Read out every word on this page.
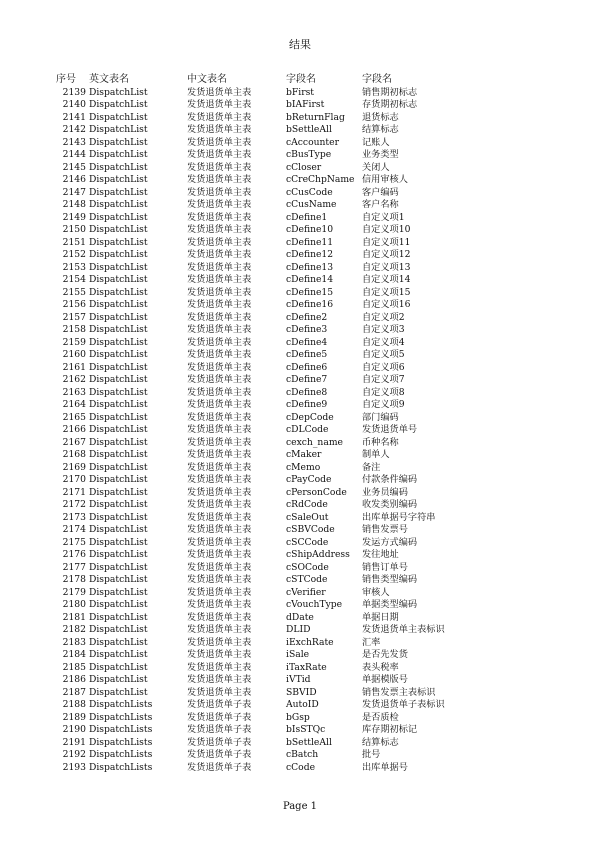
结果
序号	英文表名	中文表名	字段名	字段名
2139	DispatchList	发货退货单主表	bFirst	销售期初标志
2140	DispatchList	发货退货单主表	bIAFirst	存货期初标志
2141	DispatchList	发货退货单主表	bReturnFlag	退货标志
2142	DispatchList	发货退货单主表	bSettleAll	结算标志
2143	DispatchList	发货退货单主表	cAccounter	记账人
2144	DispatchList	发货退货单主表	cBusType	业务类型
2145	DispatchList	发货退货单主表	cCloser	关闭人
2146	DispatchList	发货退货单主表	cCreChpName	信用审核人
2147	DispatchList	发货退货单主表	cCusCode	客户编码
2148	DispatchList	发货退货单主表	cCusName	客户名称
2149	DispatchList	发货退货单主表	cDefine1	自定义项1
2150	DispatchList	发货退货单主表	cDefine10	自定义项10
2151	DispatchList	发货退货单主表	cDefine11	自定义项11
2152	DispatchList	发货退货单主表	cDefine12	自定义项12
2153	DispatchList	发货退货单主表	cDefine13	自定义项13
2154	DispatchList	发货退货单主表	cDefine14	自定义项14
2155	DispatchList	发货退货单主表	cDefine15	自定义项15
2156	DispatchList	发货退货单主表	cDefine16	自定义项16
2157	DispatchList	发货退货单主表	cDefine2	自定义项2
2158	DispatchList	发货退货单主表	cDefine3	自定义项3
2159	DispatchList	发货退货单主表	cDefine4	自定义项4
2160	DispatchList	发货退货单主表	cDefine5	自定义项5
2161	DispatchList	发货退货单主表	cDefine6	自定义项6
2162	DispatchList	发货退货单主表	cDefine7	自定义项7
2163	DispatchList	发货退货单主表	cDefine8	自定义项8
2164	DispatchList	发货退货单主表	cDefine9	自定义项9
2165	DispatchList	发货退货单主表	cDepCode	部门编码
2166	DispatchList	发货退货单主表	cDLCode	发货退货单号
2167	DispatchList	发货退货单主表	cexch_name	币种名称
2168	DispatchList	发货退货单主表	cMaker	制单人
2169	DispatchList	发货退货单主表	cMemo	备注
2170	DispatchList	发货退货单主表	cPayCode	付款条件编码
2171	DispatchList	发货退货单主表	cPersonCode	业务员编码
2172	DispatchList	发货退货单主表	cRdCode	收发类别编码
2173	DispatchList	发货退货单主表	cSaleOut	出库单据号字符串
2174	DispatchList	发货退货单主表	cSBVCode	销售发票号
2175	DispatchList	发货退货单主表	cSCCode	发运方式编码
2176	DispatchList	发货退货单主表	cShipAddress	发往地址
2177	DispatchList	发货退货单主表	cSOCode	销售订单号
2178	DispatchList	发货退货单主表	cSTCode	销售类型编码
2179	DispatchList	发货退货单主表	cVerifier	审核人
2180	DispatchList	发货退货单主表	cVouchType	单据类型编码
2181	DispatchList	发货退货单主表	dDate	单据日期
2182	DispatchList	发货退货单主表	DLID	发货退货单主表标识
2183	DispatchList	发货退货单主表	iExchRate	汇率
2184	DispatchList	发货退货单主表	iSale	是否先发货
2185	DispatchList	发货退货单主表	iTaxRate	表头税率
2186	DispatchList	发货退货单主表	iVTid	单据模版号
2187	DispatchList	发货退货单主表	SBVID	销售发票主表标识
2188	DispatchLists	发货退货单子表	AutoID	发货退货单子表标识
2189	DispatchLists	发货退货单子表	bGsp	是否质检
2190	DispatchLists	发货退货单子表	bIsSTQc	库存期初标记
2191	DispatchLists	发货退货单子表	bSettleAll	结算标志
2192	DispatchLists	发货退货单子表	cBatch	批号
2193	DispatchLists	发货退货单子表	cCode	出库单据号
Page 1
